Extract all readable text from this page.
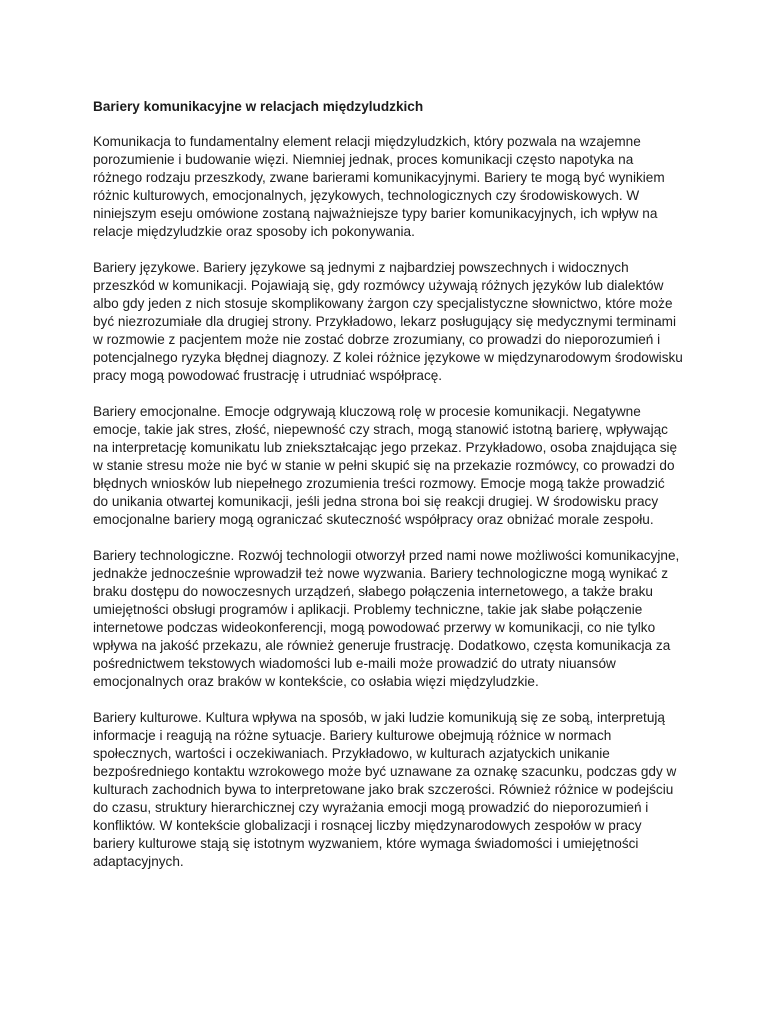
Bariery komunikacyjne w relacjach międzyludzkich

Komunikacja to fundamentalny element relacji międzyludzkich, który pozwala na wzajemne porozumienie i budowanie więzi. Niemniej jednak, proces komunikacji często napotyka na różnego rodzaju przeszkody, zwane barierami komunikacyjnymi. Bariery te mogą być wynikiem różnic kulturowych, emocjonalnych, językowych, technologicznych czy środowiskowych. W niniejszym eseju omówione zostaną najważniejsze typy barier komunikacyjnych, ich wpływ na relacje międzyludzkie oraz sposoby ich pokonywania.

Bariery językowe. Bariery językowe są jednymi z najbardziej powszechnych i widocznych przeszkód w komunikacji. Pojawiają się, gdy rozmówcy używają różnych języków lub dialektów albo gdy jeden z nich stosuje skomplikowany żargon czy specjalistyczne słownictwo, które może być niezrozumiałe dla drugiej strony. Przykładowo, lekarz posługujący się medycznymi terminami w rozmowie z pacjentem może nie zostać dobrze zrozumiany, co prowadzi do nieporozumień i potencjalnego ryzyka błędnej diagnozy. Z kolei różnice językowe w międzynarodowym środowisku pracy mogą powodować frustrację i utrudniać współpracę.

Bariery emocjonalne. Emocje odgrywają kluczową rolę w procesie komunikacji. Negatywne emocje, takie jak stres, złość, niepewność czy strach, mogą stanowić istotną barierę, wpływając na interpretację komunikatu lub zniekształcając jego przekaz. Przykładowo, osoba znajdująca się w stanie stresu może nie być w stanie w pełni skupić się na przekazie rozmówcy, co prowadzi do błędnych wniosków lub niepełnego zrozumienia treści rozmowy. Emocje mogą także prowadzić do unikania otwartej komunikacji, jeśli jedna strona boi się reakcji drugiej. W środowisku pracy emocjonalne bariery mogą ograniczać skuteczność współpracy oraz obniżać morale zespołu.

Bariery technologiczne. Rozwój technologii otworzył przed nami nowe możliwości komunikacyjne, jednakże jednocześnie wprowadził też nowe wyzwania. Bariery technologiczne mogą wynikać z braku dostępu do nowoczesnych urządzeń, słabego połączenia internetowego, a także braku umiejętności obsługi programów i aplikacji. Problemy techniczne, takie jak słabe połączenie internetowe podczas wideokonferencji, mogą powodować przerwy w komunikacji, co nie tylko wpływa na jakość przekazu, ale również generuje frustrację. Dodatkowo, częsta komunikacja za pośrednictwem tekstowych wiadomości lub e-maili może prowadzić do utraty niuansów emocjonalnych oraz braków w kontekście, co osłabia więzi międzyludzkie.

Bariery kulturowe. Kultura wpływa na sposób, w jaki ludzie komunikują się ze sobą, interpretują informacje i reagują na różne sytuacje. Bariery kulturowe obejmują różnice w normach społecznych, wartości i oczekiwaniach. Przykładowo, w kulturach azjatyckich unikanie bezpośredniego kontaktu wzrokowego może być uznawane za oznakę szacunku, podczas gdy w kulturach zachodnich bywa to interpretowane jako brak szczerości. Również różnice w podejściu do czasu, struktury hierarchicznej czy wyrażania emocji mogą prowadzić do nieporozumień i konfliktów. W kontekście globalizacji i rosnącej liczby międzynarodowych zespołów w pracy bariery kulturowe stają się istotnym wyzwaniem, które wymaga świadomości i umiejętności adaptacyjnych.
